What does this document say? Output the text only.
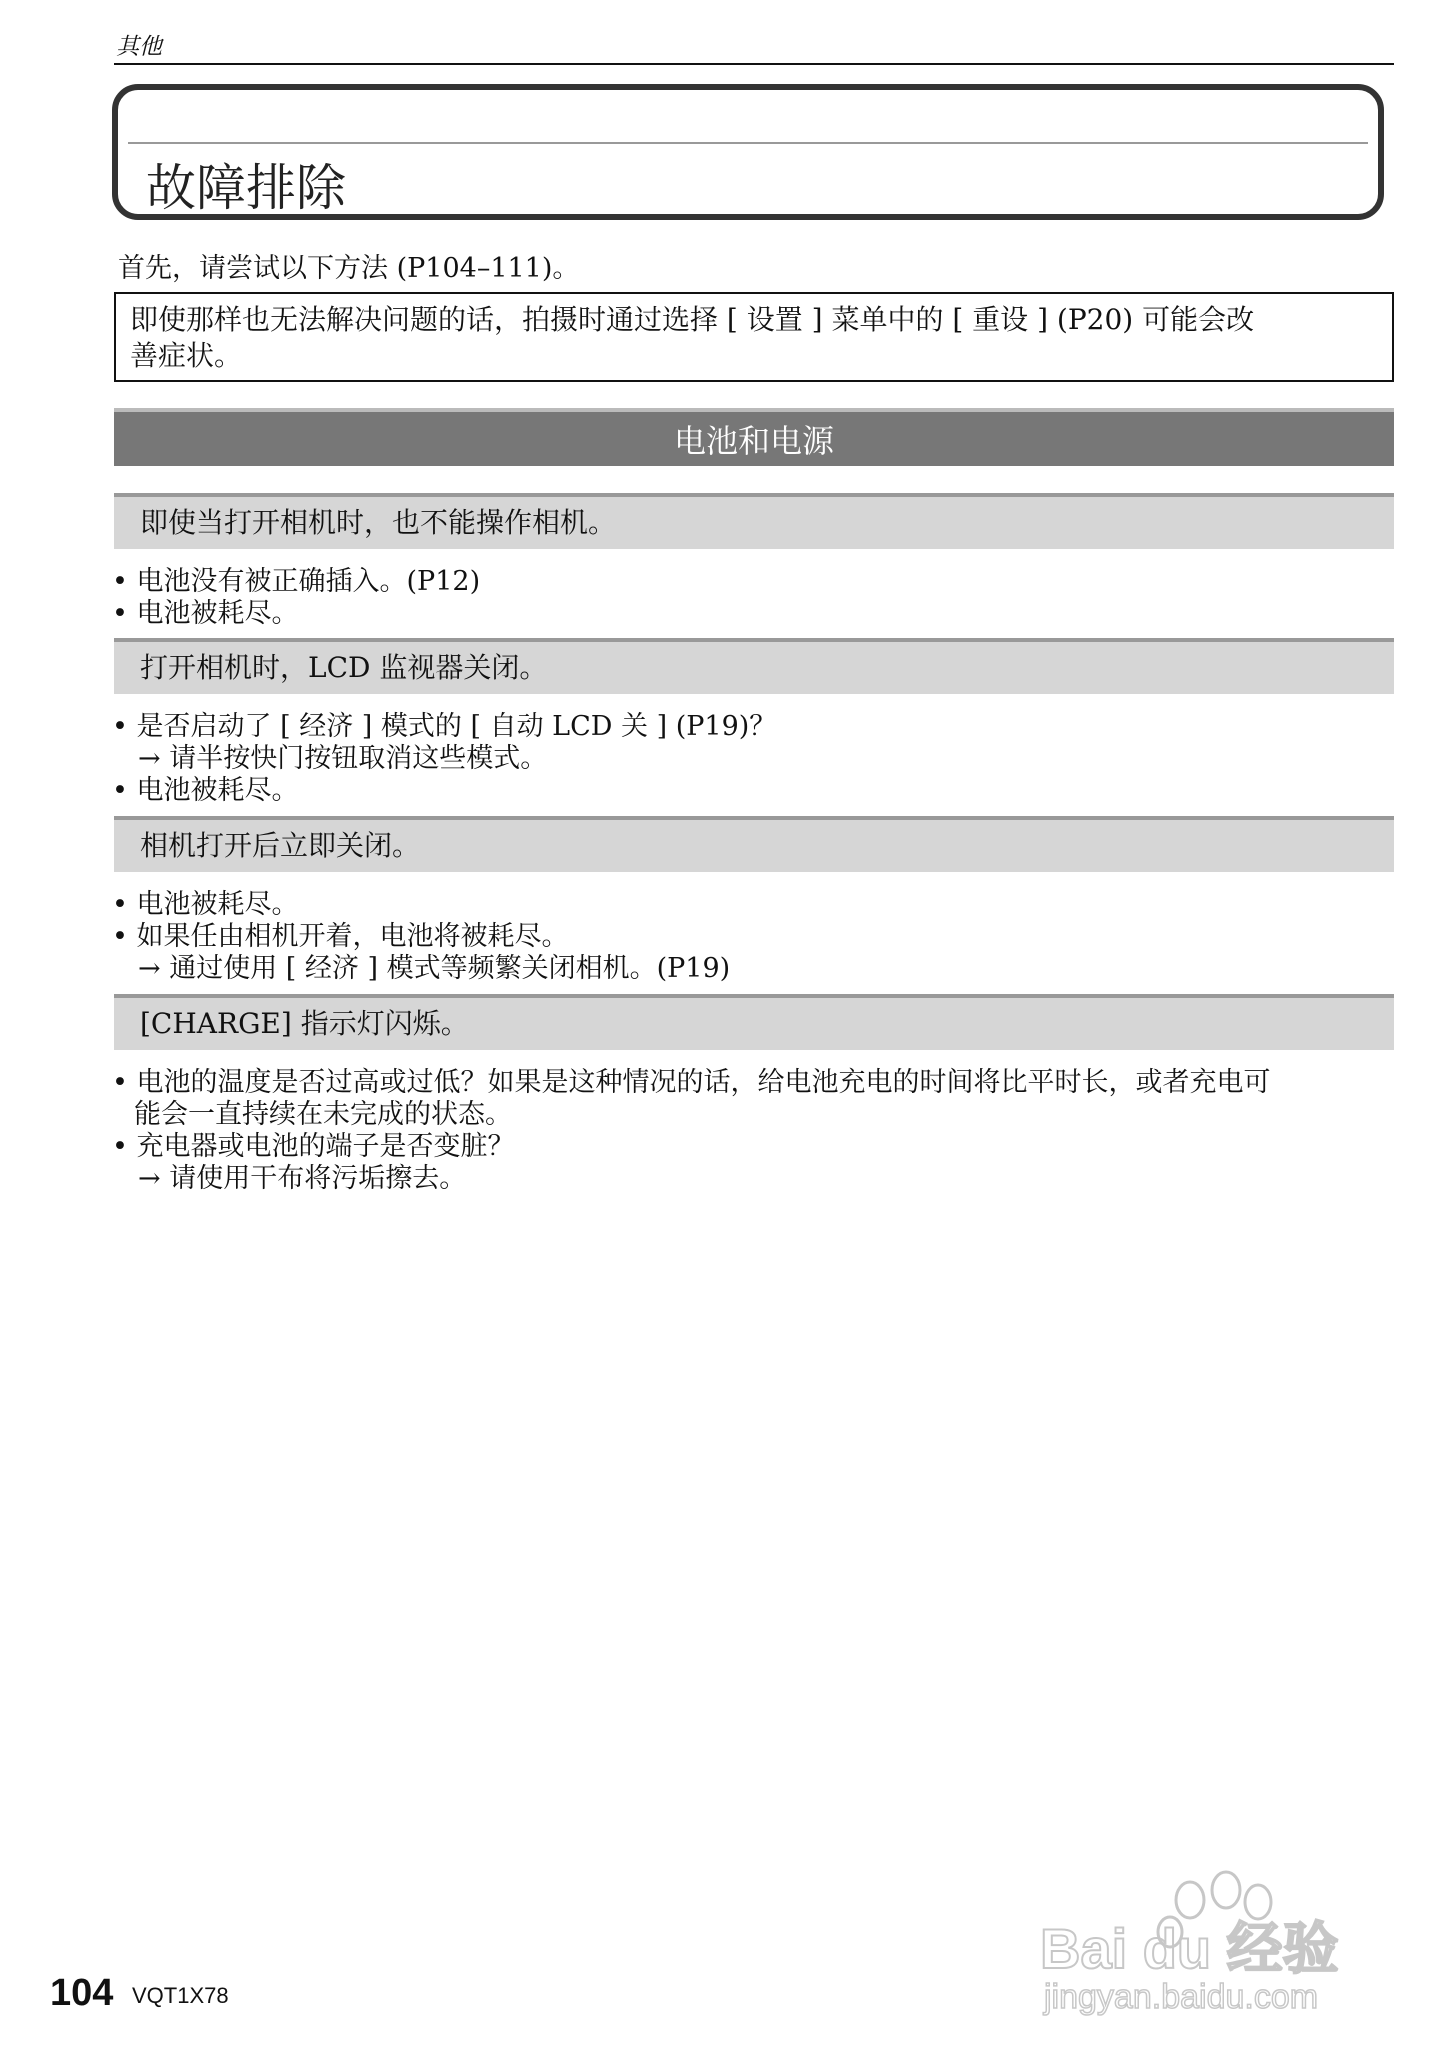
其他
故障排除
首先，请尝试以下方法 (P104–111)。
即使那样也无法解决问题的话，拍摄时通过选择 [ 设置 ] 菜单中的 [ 重设 ] (P20) 可能会改
善症状。
电池和电源
即使当打开相机时，也不能操作相机。
• 电池没有被正确插入。(P12)
• 电池被耗尽。
打开相机时，LCD 监视器关闭。
• 是否启动了 [ 经济 ] 模式的 [ 自动 LCD 关 ] (P19)？
→ 请半按快门按钮取消这些模式。
• 电池被耗尽。
相机打开后立即关闭。
• 电池被耗尽。
• 如果任由相机开着，电池将被耗尽。
→ 通过使用 [ 经济 ] 模式等频繁关闭相机。(P19)
[CHARGE] 指示灯闪烁。
• 电池的温度是否过高或过低？如果是这种情况的话，给电池充电的时间将比平时长，或者充电可
能会一直持续在未完成的状态。
• 充电器或电池的端子是否变脏？
→ 请使用干布将污垢擦去。
104 VQT1X78
Bai du 经验
jingyan.baidu.com
